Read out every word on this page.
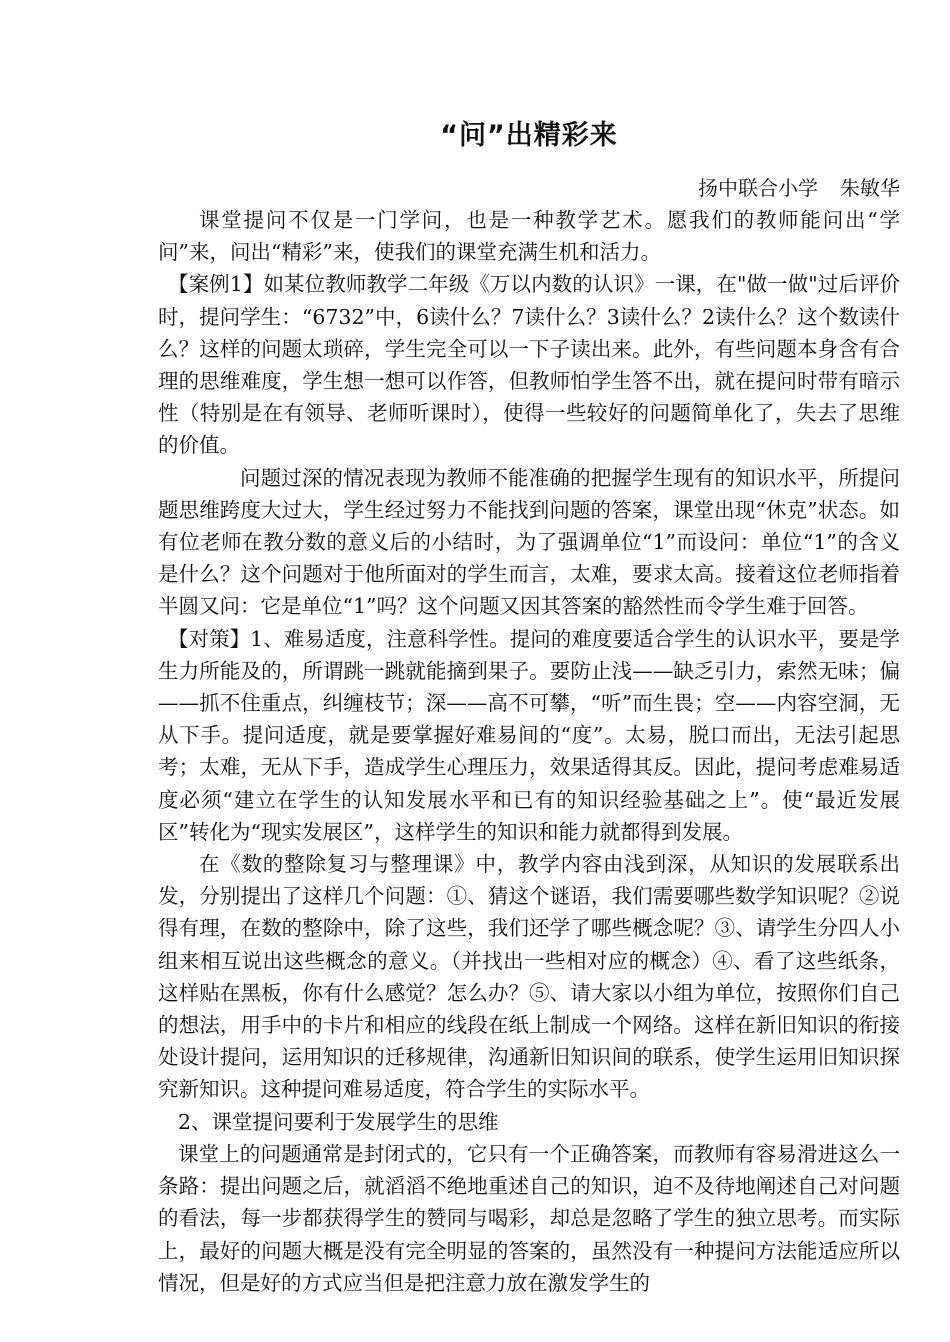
“问”出精彩来

扬中联合小学 朱敏华

课堂提问不仅是一门学问，也是一种教学艺术。愿我们的教师能问出“学问”来，问出“精彩”来，使我们的课堂充满生机和活力。

【案例1】如某位教师教学二年级《万以内数的认识》一课，在"做一做"过后评价时，提问学生：“6732”中，6读什么？7读什么？3读什么？2读什么？这个数读什么？这样的问题太琐碎，学生完全可以一下子读出来。此外，有些问题本身含有合理的思维难度，学生想一想可以作答，但教师怕学生答不出，就在提问时带有暗示性（特别是在有领导、老师听课时），使得一些较好的问题简单化了，失去了思维的价值。

问题过深的情况表现为教师不能准确的把握学生现有的知识水平，所提问题思维跨度大过大，学生经过努力不能找到问题的答案，课堂出现“休克”状态。如有位老师在教分数的意义后的小结时，为了强调单位“1”而设问：单位“1”的含义是什么？这个问题对于他所面对的学生而言，太难，要求太高。接着这位老师指着半圆又问：它是单位“1”吗？这个问题又因其答案的豁然性而令学生难于回答。

【对策】1、难易适度，注意科学性。提问的难度要适合学生的认识水平，要是学生力所能及的，所谓跳一跳就能摘到果子。要防止浅——缺乏引力，索然无味；偏——抓不住重点，纠缠枝节；深——高不可攀，“听”而生畏；空——内容空洞，无从下手。提问适度，就是要掌握好难易间的“度”。太易，脱口而出，无法引起思考；太难，无从下手，造成学生心理压力，效果适得其反。因此，提问考虑难易适度必须“建立在学生的认知发展水平和已有的知识经验基础之上”。使“最近发展区”转化为“现实发展区”，这样学生的知识和能力就都得到发展。

在《数的整除复习与整理课》中，教学内容由浅到深，从知识的发展联系出发，分别提出了这样几个问题：①、猜这个谜语，我们需要哪些数学知识呢？②说得有理，在数的整除中，除了这些，我们还学了哪些概念呢？③、请学生分四人小组来相互说出这些概念的意义。（并找出一些相对应的概念）④、看了这些纸条，这样贴在黑板，你有什么感觉？怎么办？⑤、请大家以小组为单位，按照你们自己的想法，用手中的卡片和相应的线段在纸上制成一个网络。这样在新旧知识的衔接处设计提问，运用知识的迁移规律，沟通新旧知识间的联系，使学生运用旧知识探究新知识。这种提问难易适度，符合学生的实际水平。

2、课堂提问要利于发展学生的思维

课堂上的问题通常是封闭式的，它只有一个正确答案，而教师有容易滑进这么一条路：提出问题之后，就滔滔不绝地重述自己的知识，迫不及待地阐述自己对问题的看法，每一步都获得学生的赞同与喝彩，却总是忽略了学生的独立思考。而实际上，最好的问题大概是没有完全明显的答案的，虽然没有一种提问方法能适应所以情况，但是好的方式应当但是把注意力放在激发学生的
